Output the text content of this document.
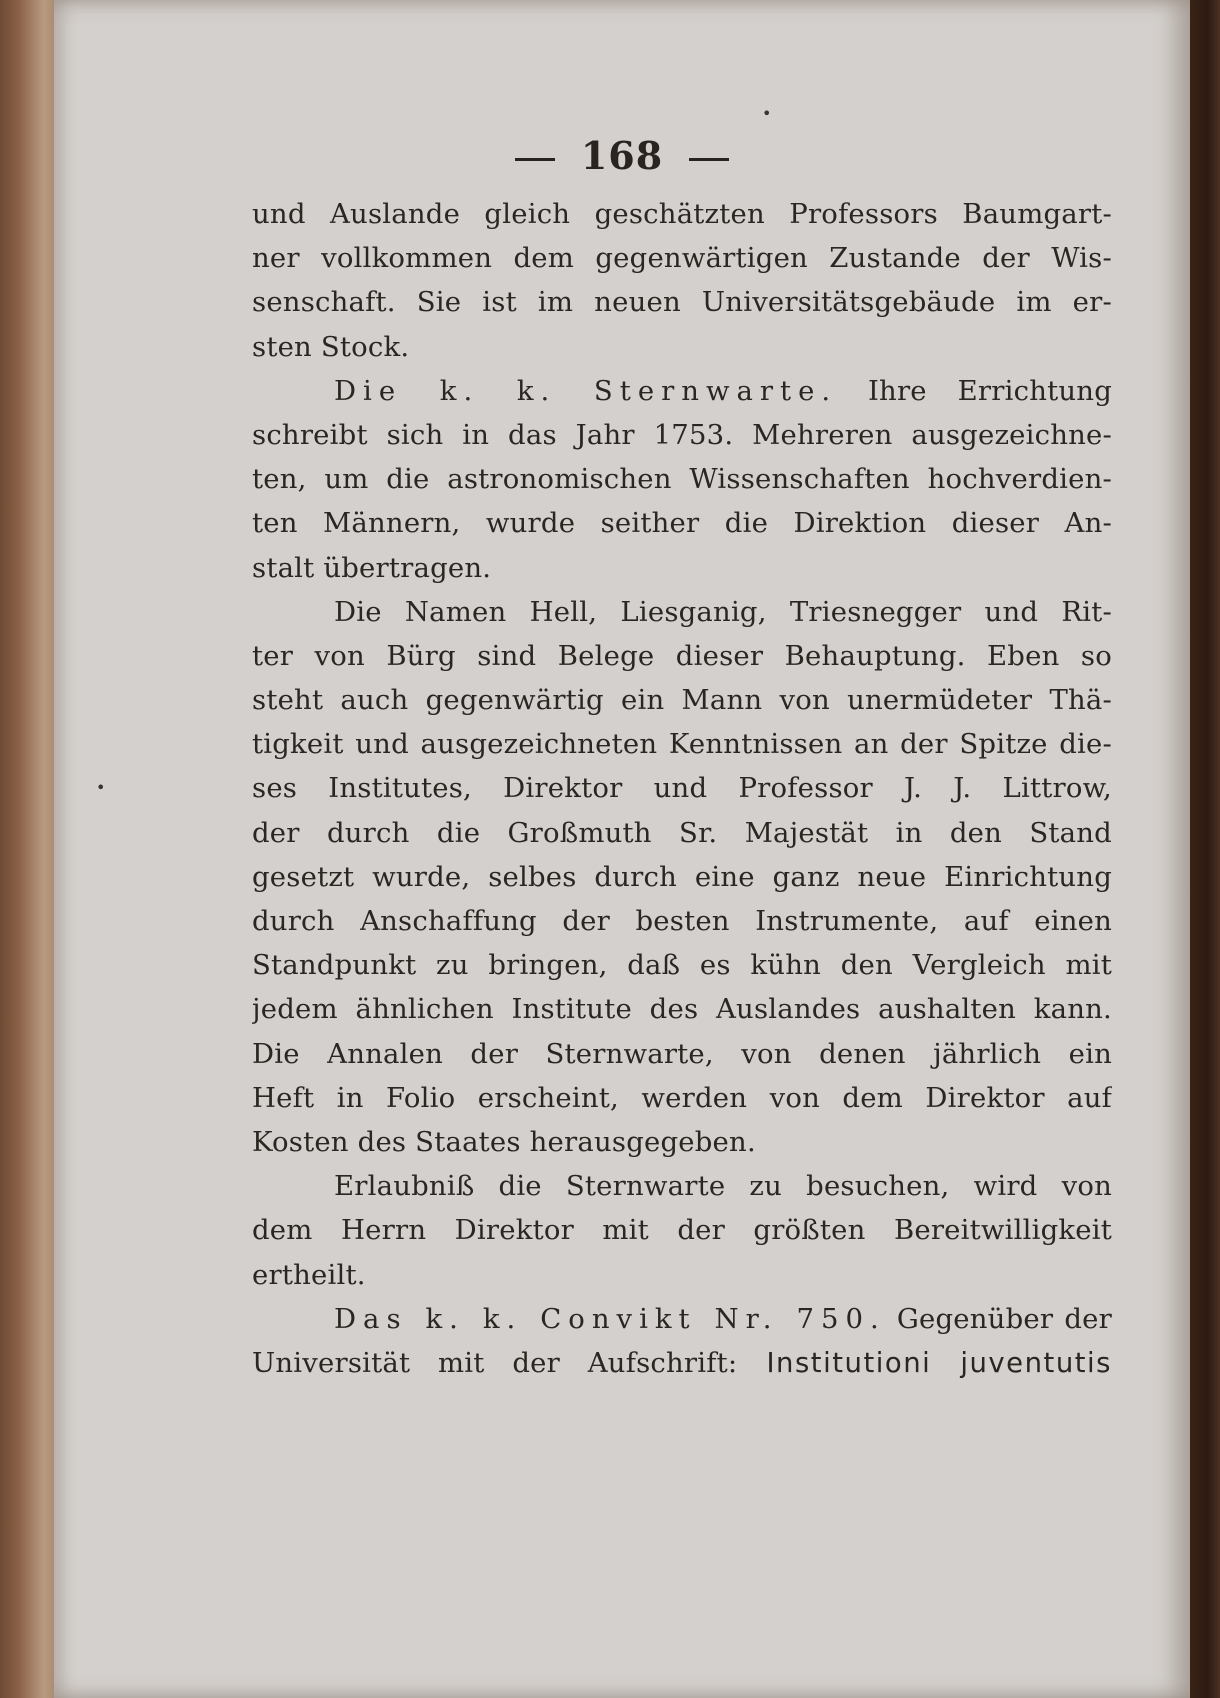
168
•
•
und Auslande gleich geschätzten Professors Baumgart-
ner vollkommen dem gegenwärtigen Zustande der Wis-
senschaft. Sie ist im neuen Universitätsgebäude im er-
sten Stock.
Die k. k. Sternwarte. Ihre Errichtung
schreibt sich in das Jahr 1753. Mehreren ausgezeichne-
ten, um die astronomischen Wissenschaften hochverdien-
ten Männern, wurde seither die Direktion dieser An-
stalt übertragen.
Die Namen Hell, Liesganig, Triesnegger und Rit-
ter von Bürg sind Belege dieser Behauptung. Eben so
steht auch gegenwärtig ein Mann von unermüdeter Thä-
tigkeit und ausgezeichneten Kenntnissen an der Spitze die-
ses Institutes, Direktor und Professor J. J. Littrow,
der durch die Großmuth Sr. Majestät in den Stand
gesetzt wurde, selbes durch eine ganz neue Einrichtung
durch Anschaffung der besten Instrumente, auf einen
Standpunkt zu bringen, daß es kühn den Vergleich mit
jedem ähnlichen Institute des Auslandes aushalten kann.
Die Annalen der Sternwarte, von denen jährlich ein
Heft in Folio erscheint, werden von dem Direktor auf
Kosten des Staates herausgegeben.
Erlaubniß die Sternwarte zu besuchen, wird von
dem Herrn Direktor mit der größten Bereitwilligkeit
ertheilt.
Das k. k. Convikt Nr. 750. Gegenüber der
Universität mit der Aufschrift: Institutioni juventutis
